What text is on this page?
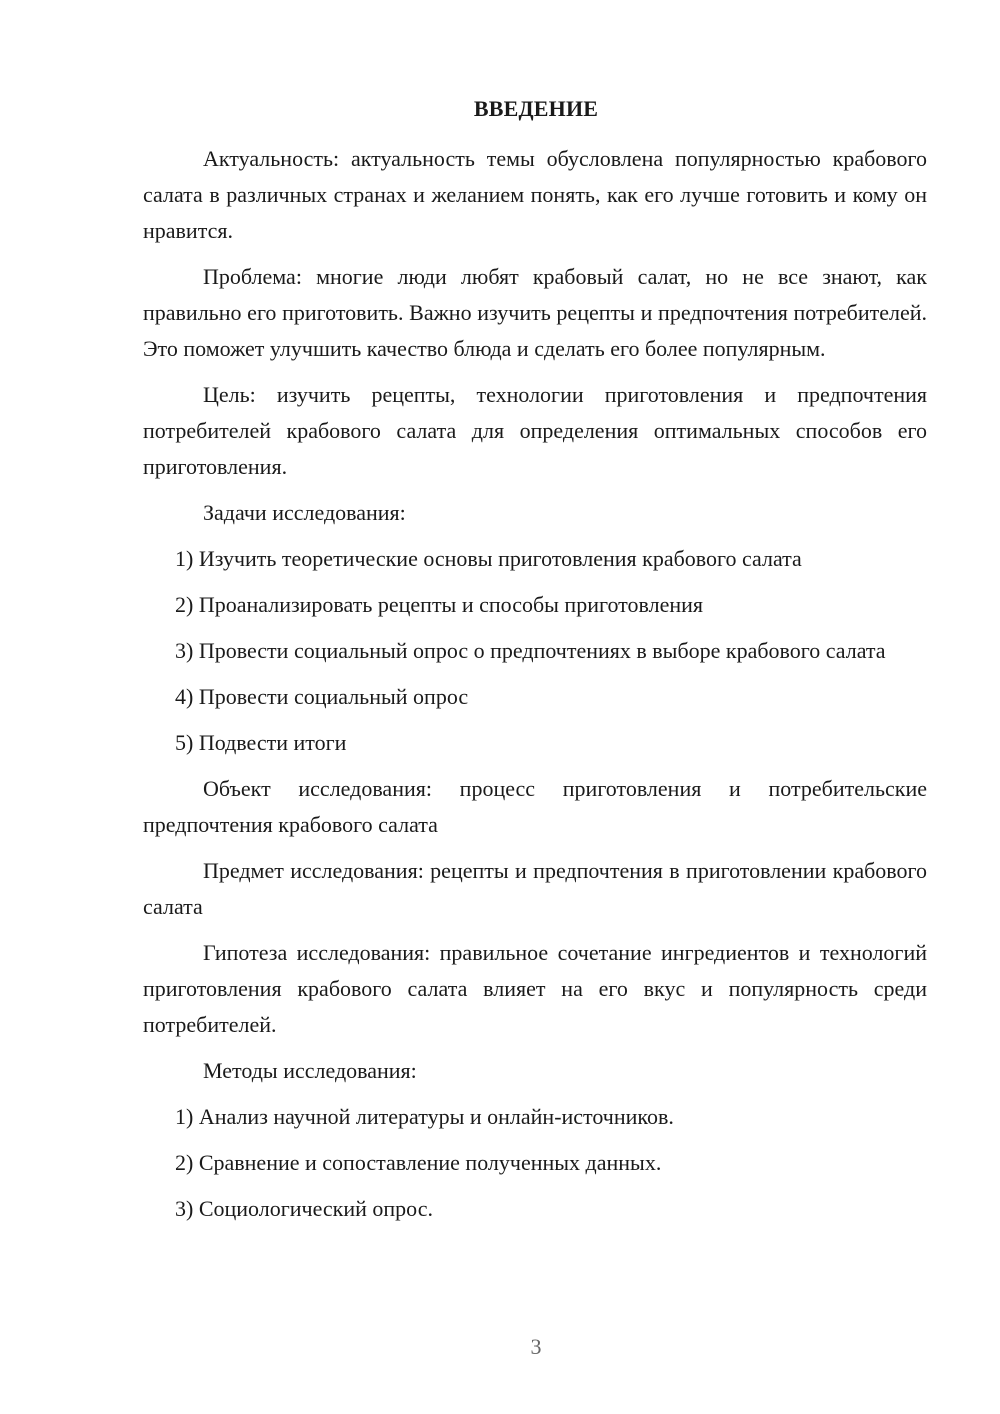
ВВЕДЕНИЕ

Актуальность: актуальность темы обусловлена популярностью крабового салата в различных странах и желанием понять, как его лучше готовить и кому он нравится.

Проблема: многие люди любят крабовый салат, но не все знают, как правильно его приготовить. Важно изучить рецепты и предпочтения потребителей. Это поможет улучшить качество блюда и сделать его более популярным.

Цель: изучить рецепты, технологии приготовления и предпочтения потребителей крабового салата для определения оптимальных способов его приготовления.

Задачи исследования:

1) Изучить теоретические основы приготовления крабового салата

2) Проанализировать рецепты и способы приготовления

3) Провести социальный опрос о предпочтениях в выборе крабового салата

4) Провести социальный опрос

5) Подвести итоги

Объект исследования: процесс приготовления и потребительские предпочтения крабового салата

Предмет исследования: рецепты и предпочтения в приготовлении крабового салата

Гипотеза исследования: правильное сочетание ингредиентов и технологий приготовления крабового салата влияет на его вкус и популярность среди потребителей.

Методы исследования:

1) Анализ научной литературы и онлайн-источников.

2) Сравнение и сопоставление полученных данных.

3) Социологический опрос.

3
